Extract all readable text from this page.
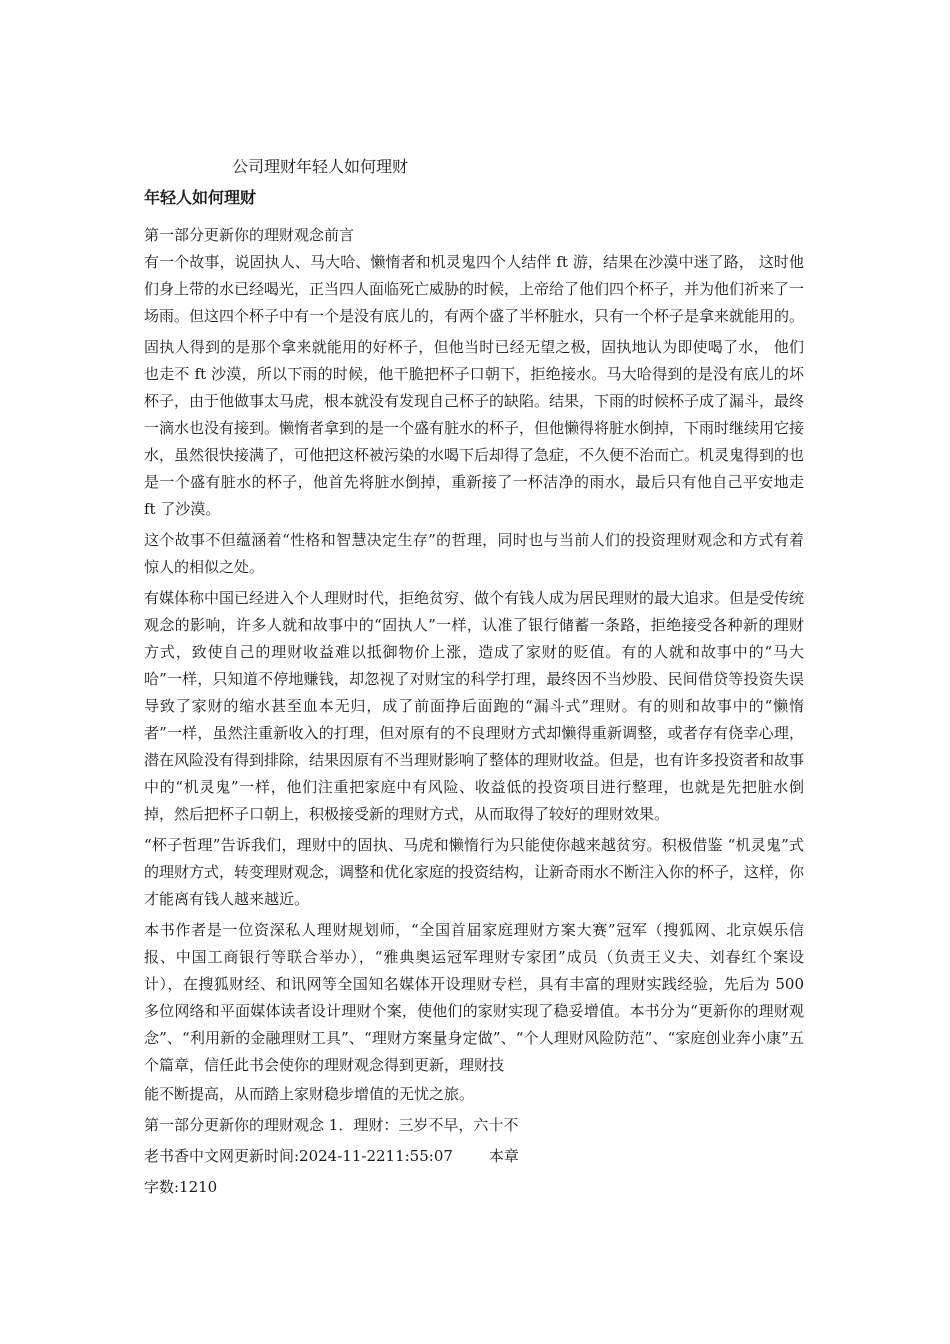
公司理财年轻人如何理财
年轻人如何理财

第一部分更新你的理财观念前言

有一个故事，说固执人、马大哈、懒惰者和机灵鬼四个人结伴 ft 游，结果在沙漠中迷了路， 这时他们身上带的水已经喝光，正当四人面临死亡威胁的时候，上帝给了他们四个杯子，并为他们祈来了一场雨。但这四个杯子中有一个是没有底儿的，有两个盛了半杯脏水，只有一个杯子是拿来就能用的。

固执人得到的是那个拿来就能用的好杯子，但他当时已经无望之极，固执地认为即使喝了水， 他们也走不 ft 沙漠，所以下雨的时候，他干脆把杯子口朝下，拒绝接水。马大哈得到的是没有底儿的坏杯子，由于他做事太马虎，根本就没有发现自己杯子的缺陷。结果，下雨的时候杯子成了漏斗，最终一滴水也没有接到。懒惰者拿到的是一个盛有脏水的杯子，但他懒得将脏水倒掉，下雨时继续用它接水，虽然很快接满了，可他把这杯被污染的水喝下后却得了急症，不久便不治而亡。机灵鬼得到的也是一个盛有脏水的杯子，他首先将脏水倒掉，重新接了一杯洁净的雨水，最后只有他自己平安地走 ft 了沙漠。

这个故事不但蕴涵着“性格和智慧决定生存”的哲理，同时也与当前人们的投资理财观念和方式有着惊人的相似之处。

有媒体称中国已经进入个人理财时代，拒绝贫穷、做个有钱人成为居民理财的最大追求。但是受传统观念的影响，许多人就和故事中的“固执人”一样，认准了银行储蓄一条路，拒绝接受各种新的理财方式，致使自己的理财收益难以抵御物价上涨，造成了家财的贬值。有的人就和故事中的“马大哈”一样，只知道不停地赚钱，却忽视了对财宝的科学打理，最终因不当炒股、民间借贷等投资失误导致了家财的缩水甚至血本无归，成了前面挣后面跑的“漏斗式”理财。有的则和故事中的“懒惰者”一样，虽然注重新收入的打理，但对原有的不良理财方式却懒得重新调整，或者存有侥幸心理，潜在风险没有得到排除，结果因原有不当理财影响了整体的理财收益。但是，也有许多投资者和故事中的“机灵鬼”一样，他们注重把家庭中有风险、收益低的投资项目进行整理，也就是先把脏水倒掉，然后把杯子口朝上，积极接受新的理财方式，从而取得了较好的理财效果。

“杯子哲理”告诉我们，理财中的固执、马虎和懒惰行为只能使你越来越贫穷。积极借鉴 “机灵鬼”式的理财方式，转变理财观念，调整和优化家庭的投资结构，让新奇雨水不断注入你的杯子，这样，你才能离有钱人越来越近。

本书作者是一位资深私人理财规划师，“全国首届家庭理财方案大赛”冠军（搜狐网、北京娱乐信报、中国工商银行等联合举办），“雅典奥运冠军理财专家团”成员（负责王义夫、刘春红个案设计），在搜狐财经、和讯网等全国知名媒体开设理财专栏，具有丰富的理财实践经验，先后为 500 多位网络和平面媒体读者设计理财个案，使他们的家财实现了稳妥增值。本书分为“更新你的理财观念”、“利用新的金融理财工具”、“理财方案量身定做”、“个人理财风险防范”、“家庭创业奔小康”五个篇章，信任此书会使你的理财观念得到更新，理财技

能不断提高，从而踏上家财稳步增值的无忧之旅。

第一部分更新你的理财观念 1．理财：三岁不早，六十不

老书香中文网更新时间:2024-11-2211:55:07 本章

字数:1210
